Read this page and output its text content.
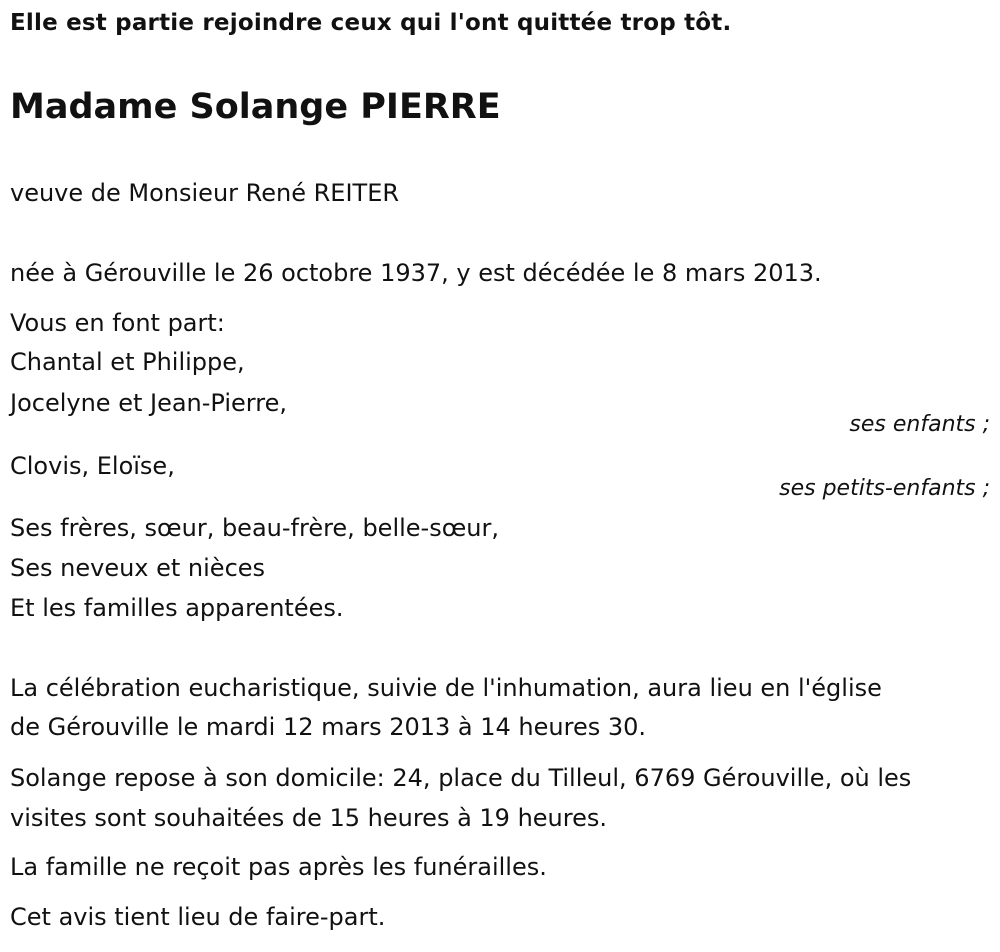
Elle est partie rejoindre ceux qui l'ont quittée trop tôt.
Madame Solange PIERRE
veuve de Monsieur René REITER
née à Gérouville le 26 octobre 1937, y est décédée le 8 mars 2013.
Vous en font part:
Chantal et Philippe,
Jocelyne et Jean-Pierre,
ses enfants ;
Clovis, Eloïse,
ses petits-enfants ;
Ses frères, sœur, beau-frère, belle-sœur,
Ses neveux et nièces
Et les familles apparentées.
La célébration eucharistique, suivie de l'inhumation, aura lieu en l'église
de Gérouville le mardi 12 mars 2013 à 14 heures 30.
Solange repose à son domicile: 24, place du Tilleul, 6769 Gérouville, où les
visites sont souhaitées de 15 heures à 19 heures.
La famille ne reçoit pas après les funérailles.
Cet avis tient lieu de faire-part.
